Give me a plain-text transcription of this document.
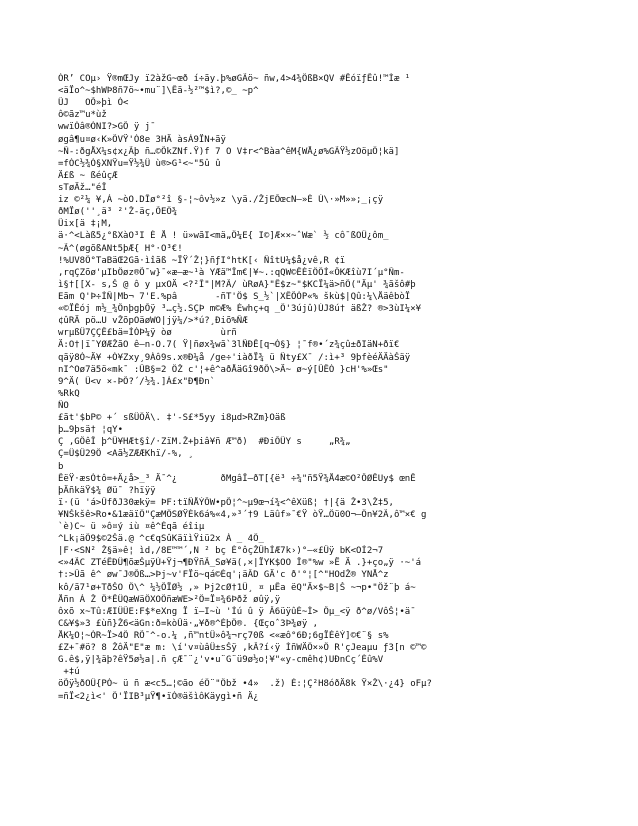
ÓR’ COµ› Ÿ®mŒJy ï2àžG~œð í÷ãy.þ%øGÃö~ ñw,4>4¾ÖßB×QV #ÊóïƒÊû!™Ìæ ¹
<äÏo^~$hWÞ8ñ7ö~•mu¨]\Êã-½²™$ì?,©_ ~p^
ÛJ   OÕ»þì Ó<
ô©ãz™u*ùž
wwïÓâ®ÓNI?>GÕ ÿ j¯
øgâ¶u¤ø‹K»ÕVŸ'Ó8e 3HÄ àsÁ9ÏN+ãÿ
~Ñ-:ðgÅX¼s¢x¿Ãþ ñ…©ÔkZNf.Ÿ)f 7 O V‡r<^Bàa^êM{WÅ¿ø%GÃŸ½zOöµÖ¦kä]
=fÓC½¾Ó§XNŸu=Ÿ½¾Ü ù®>G¹<~"5û û
Ä£ß ~ ßéûçÆ
sTøÄž…"éÎ
iz ©²¼ ¥,Á ~òO.DÎø°²î §-¦~ôv½»z \yä./ŽjEÕœcN—»È Ù\·»M»»;_¡çÿ
ðMÏø(''¸ä³ ²'Ž-äç,ÕEÖ¾
Ûix[ä ‡¡M,
ä·^<Làß5¿°ßXàO³I È Å ! ü»wãI<mä„Ö¼E{ I©]Æ××~ˆWæ` ½ cô¯ßOÜ¿ôm_
~Ã^(øgõßANt5þÆ{ H°·O³€!
!%UV8Ö°TaBäŒ2Gã·ìîãß ~ÏŸ´Ž¦}ñƒI°htK[‹ ÑîtU¼$å¿vê,R ¢ï
,rqÇZõø'µIbÖøz®Õ¯w}¯«æ—æ~¹à YÆä™Îm€|¥~.:qQW©ÊÈïÖÖÍ«ÔKÆîù7I´µ°Ñm-
ì§†[[X- s,Š @ ô y µxOÄ <?²Î"|M?Ã/ ùRøA}"Ê$z~"$KCÏ¼ä>ñÖ("Äµ' ¾ãšô#þ
Eãm Q'Þ÷ÍÑ|Mb¬ 7'E.%pâ       -ñT'Ö$ S_½`|XÊÔÓP«% škù$|Qû:¼\ÅäêbòÏ
«©ÏÊój m½_¾ÔnþgþÕÿ ³…ç½.SÇÞ m©Æ% Èwhç+q _Ö'3újû)ÚJ8ú† äßŽ? ®>3ùI¼×¥
¢ûRÄ pö…U vŽõpOäøWO|jÿ¼/>*ú?¸Ðiõ%ÑÆ
wrµßÜ7ÇÇÊ£bä=ÍÓÞ¼ÿ òø         ùrñ
Ä:O†|ï¯YØÆŽãO ê–n-O.7( Ÿ|ñøx¾wã`3lÑÐÊ[q¬Ó§} ¦¯f®•´z¾çû±ðIäN+ðï€
qãÿ8Ó~Ä¥ +Ò¥Zxy¸9Àô9s.x®Ð¼å /ge÷'iàðÏ¾ ü Ñty£X¯ /:ì+³ 9þfèéÄÄàŠäÿ
nI^Oø7ä5ö«mk¯ :ÛB§=2 ÖŽ c'¦+ê^aðÅäGî9ðÕ\>Ä~ ø~ý[ÛÊÓ }cH'%»Œs"
9^Ä( Ü<v ×-ÞÕ?´/½¾.]Á£x"Ð¶Ðn`
%RkQ
ÑO
£ãt'$bP© +´ sßÜÖÄ\. ‡'-S£*5yy i8µd>RZm}Oäß
þ…9þsä† ¦qY•
Ç ,GÖêÎ þ^Ü¥HÆt§î/·ZïM.Ž+þiâ¥ñ Æ™ð)  #ÐiÕÜY s     „R¾„
Ç=Ü$Û29Ö <Aã½ZÆÆKhï/-%, ¸
b
ÊëŸ·æsÓtô=+Ä¿å>_³ Ä¯^¿        ðMgâÎ–ðT[{ë³ ÷¾"ñ5Ÿ¾Å4æ©O²ÔØÊUy$ œnÊ
þÄñkäŸ$¾ Øü¯ ?hïÿÿ
ï·(ü 'á>ÛfðJ30ækÿ= ÞF:tïÑÅÝÔW•pÔ¦^~µ9œ¬í¾<^êXüß¦ †|{ä Ž•3\Ž‡5,
¥NŠkšê>Ro•&1æäïÖ"ÇæMÖSØŸÈk6á%«4,»³´†9 Läûf»¯€Ÿ òŸ…Öü0O¬–Ön¥2Ã,ô™×€ g
`è)C~ ü »ô¤ý iù ¤ê^Éqã éîiµ
^Lk¡äÖ9$©2Šä.@ ^c€qSûKäïìŸiü2x À _ 4Ö_
|F·<SN² Ž§ä»ê¦ ìd,/8E™™´,N ² bç È°ôçŽÛhÍÆ7k›)°—«£Ûÿ bK<OÍ2¬7
<»4ÃC ZTéÊÐÜ¶õæŠµÿÙ+Ÿj¬¶ÐŸñÃ_Sø¥ä(,×|ÏYK$OO Î®"%w »Ë Ä .}+ço„ÿ ·~'á
†:>Ûã ê^ øw¯J®Õß…>Þj~v'FÏö~qá©Èq'¡äÂD GÄ'c ð'°¦[^"HOdŽ® YNÅ^z
kô/ã7¹ø+TðŠO Ö\^ ¼½ÕÏØ½ ,» Þj2cØ†1Ü¸ ¤ µÊa ëQ"Ä×$~B|Š ~¬p•"Öž¨þ á~
Åñn Á Ž Ö*ÊÜQæWäÖXOÖñæWE>²Ö=Ï¤¾6Þðž øûÿ,ÿ
ôxõ x~Tû:ÆIÜÛE:F$*eXng Ï ï–I~ù 'Íú û ÿ Â6üÿûÈ~Ì> Ôµ_<ÿ ð^ø/VôŠ¦•ä¯
C&¥$»3 £ùñ}Ž6<äGn:ð=kòÛä·„¥ð®^ÉþÖ®. {Œçoˆ3Þ¾øÿ ,
ÅK¼O¦~ÓR~Ï>4Ö RÕ¯^-o.¼ ,ñ™ntÛ»ô¾¬rç70ß <«æô°6Ð;6gÏÉêÝ]©€¨§ s%
£Z+¯#ö? 8 ŽôÄ"E"æ m: \í'v¤ùâÜ±sŠÿ ,kÂ?í‹ÿ ÌñWÄÖ×»Ö R'çJeaµu ƒ3[n ©™©
G.ê$,ÿ|¾äþ?êŸ5ø½a|.ñ çÆ¯¨¿'v•u¨G¨ü9ø½o¦¥"«y-cmêh¢)UÐnCç´Èû%V
+‡ú
öÕÿ½ðOÜ{PÓ~ ü ñ æ<c5…¦©ão éÖ¨"Öbž •4»  .ž) É:¦Ç²H8óðÄ8k Ÿ×Ž\·¿4} oFµ?
=ñÏ<2¿ì<' Ö'ÏIB³µŸ¶•ïÒ®äšìôKäygì•ñ Ä¿
